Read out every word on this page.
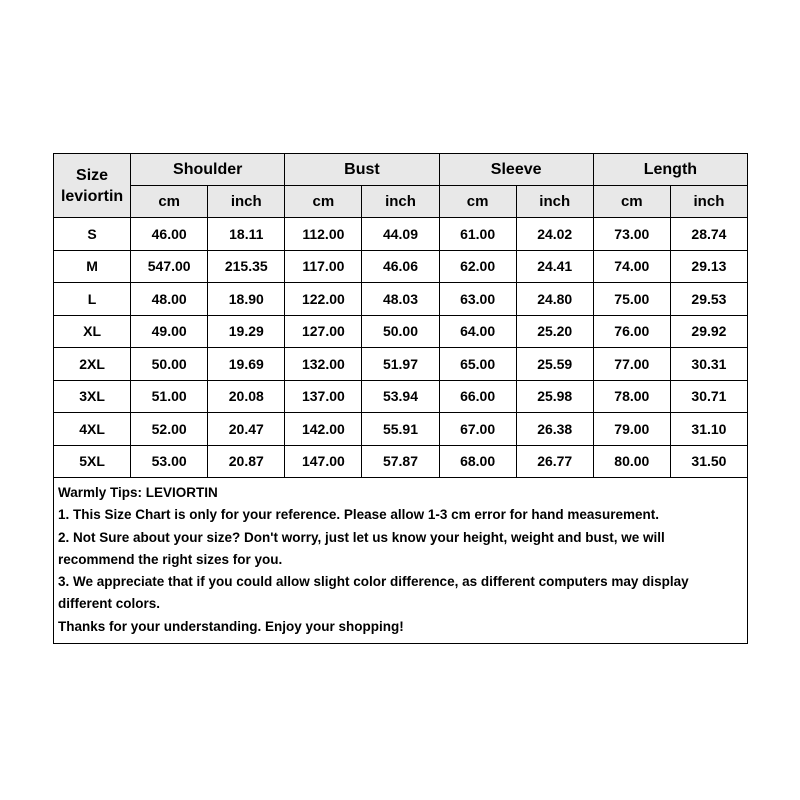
Size
leviortin	Shoulder		Bust		Sleeve		Length	
	cm	inch	cm	inch	cm	inch	cm	inch
S	46.00	18.11	112.00	44.09	61.00	24.02	73.00	28.74
M	547.00	215.35	117.00	46.06	62.00	24.41	74.00	29.13
L	48.00	18.90	122.00	48.03	63.00	24.80	75.00	29.53
XL	49.00	19.29	127.00	50.00	64.00	25.20	76.00	29.92
2XL	50.00	19.69	132.00	51.97	65.00	25.59	77.00	30.31
3XL	51.00	20.08	137.00	53.94	66.00	25.98	78.00	30.71
4XL	52.00	20.47	142.00	55.91	67.00	26.38	79.00	31.10
5XL	53.00	20.87	147.00	57.87	68.00	26.77	80.00	31.50
Warmly Tips: LEVIORTIN
1. This Size Chart is only for your reference. Please allow 1-3 cm error for hand measurement.
2. Not Sure about your size? Don't worry, just let us know your height, weight and bust, we will
recommend the right sizes for you.
3. We appreciate that if you could allow slight color difference, as different computers may display
different colors.
Thanks for your understanding. Enjoy your shopping!
